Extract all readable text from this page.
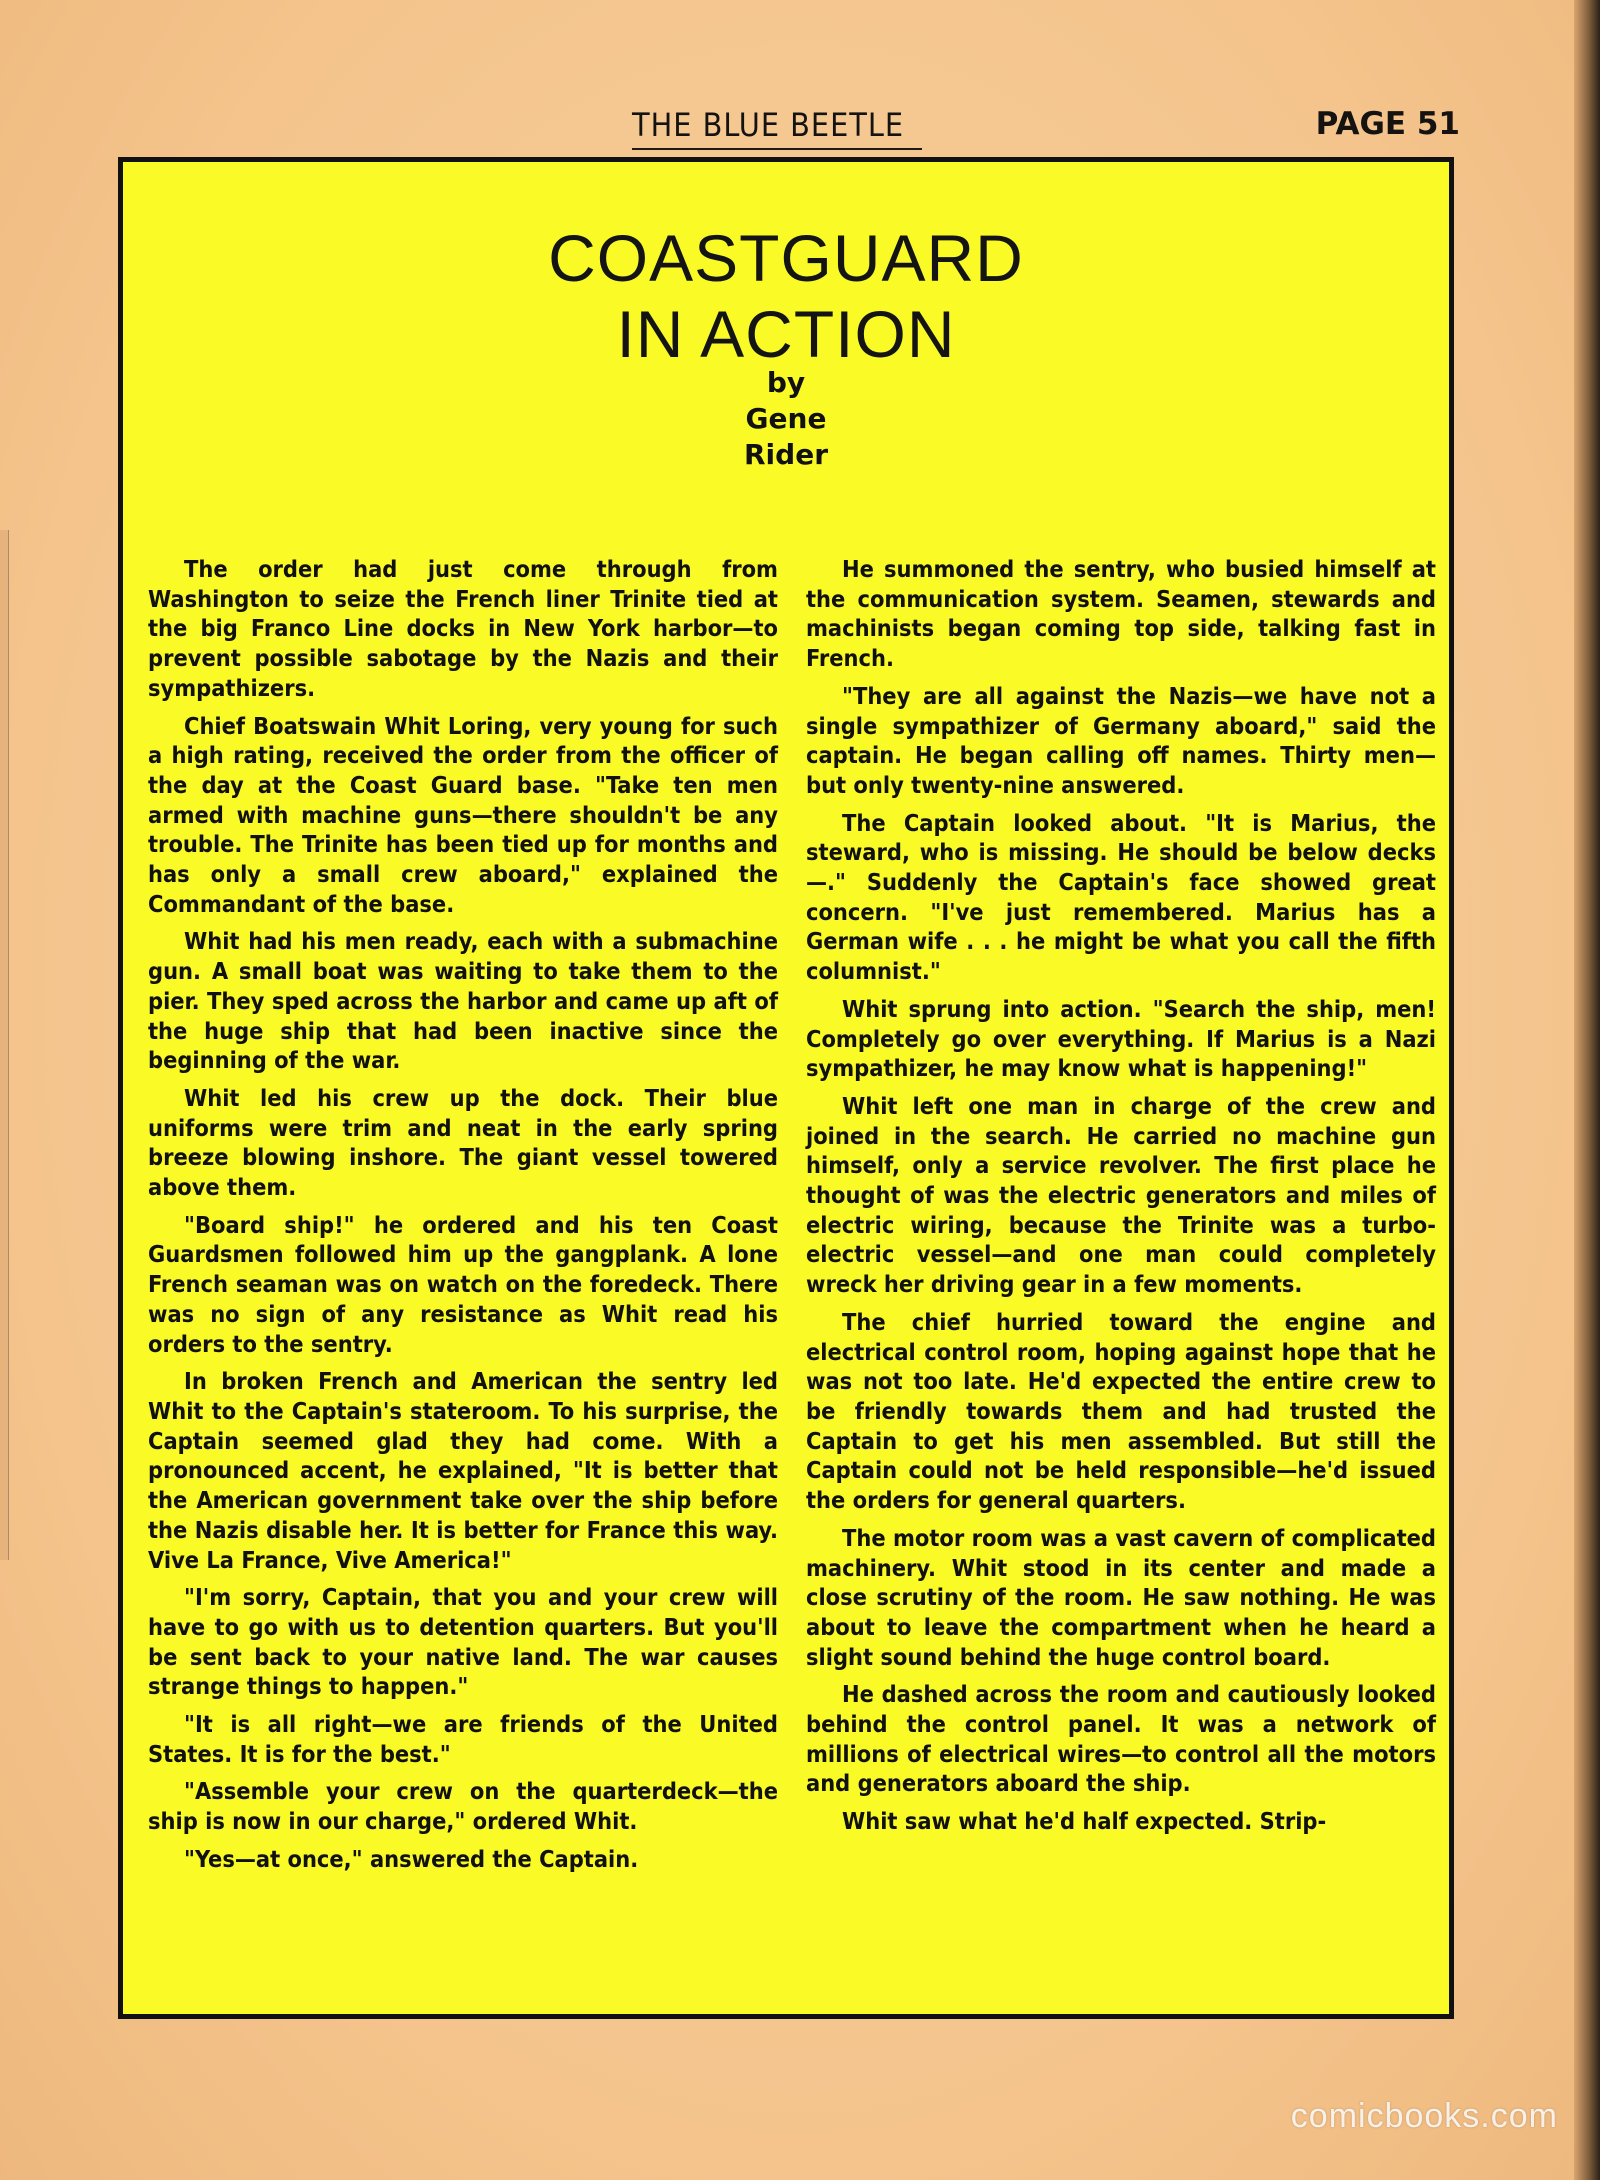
THE BLUE BEETLE	PAGE 51
COASTGUARD
IN ACTION
by
Gene
Rider

The order had just come through from Washington to seize the French liner Trinite tied at the big Franco Line docks in New York harbor—to prevent possible sabotage by the Nazis and their sympathizers.

Chief Boatswain Whit Loring, very young for such a high rating, received the order from the officer of the day at the Coast Guard base. "Take ten men armed with machine guns—there shouldn't be any trouble. The Trinite has been tied up for months and has only a small crew aboard," explained the Commandant of the base.

Whit had his men ready, each with a submachine gun. A small boat was waiting to take them to the pier. They sped across the harbor and came up aft of the huge ship that had been inactive since the beginning of the war.

Whit led his crew up the dock. Their blue uniforms were trim and neat in the early spring breeze blowing inshore. The giant vessel towered above them.

"Board ship!" he ordered and his ten Coast Guardsmen followed him up the gangplank. A lone French seaman was on watch on the foredeck. There was no sign of any resistance as Whit read his orders to the sentry.

In broken French and American the sentry led Whit to the Captain's stateroom. To his surprise, the Captain seemed glad they had come. With a pronounced accent, he explained, "It is better that the American government take over the ship before the Nazis disable her. It is better for France this way. Vive La France, Vive America!"

"I'm sorry, Captain, that you and your crew will have to go with us to detention quarters. But you'll be sent back to your native land. The war causes strange things to happen."

"It is all right—we are friends of the United States. It is for the best."

"Assemble your crew on the quarterdeck—the ship is now in our charge," ordered Whit.

"Yes—at once," answered the Captain.

He summoned the sentry, who busied himself at the communication system. Seamen, stewards and machinists began coming top side, talking fast in French.

"They are all against the Nazis—we have not a single sympathizer of Germany aboard," said the captain. He began calling off names. Thirty men—but only twenty-nine answered.

The Captain looked about. "It is Marius, the steward, who is missing. He should be below decks—." Suddenly the Captain's face showed great concern. "I've just remembered. Marius has a German wife . . . he might be what you call the fifth columnist."

Whit sprung into action. "Search the ship, men! Completely go over everything. If Marius is a Nazi sympathizer, he may know what is happening!"

Whit left one man in charge of the crew and joined in the search. He carried no machine gun himself, only a service revolver. The first place he thought of was the electric generators and miles of electric wiring, because the Trinite was a turbo-electric vessel—and one man could completely wreck her driving gear in a few moments.

The chief hurried toward the engine and electrical control room, hoping against hope that he was not too late. He'd expected the entire crew to be friendly towards them and had trusted the Captain to get his men assembled. But still the Captain could not be held responsible—he'd issued the orders for general quarters.

The motor room was a vast cavern of complicated machinery. Whit stood in its center and made a close scrutiny of the room. He saw nothing. He was about to leave the compartment when he heard a slight sound behind the huge control board.

He dashed across the room and cautiously looked behind the control panel. It was a network of millions of electrical wires—to control all the motors and generators aboard the ship.

Whit saw what he'd half expected. Strip-

comicbooks.com
